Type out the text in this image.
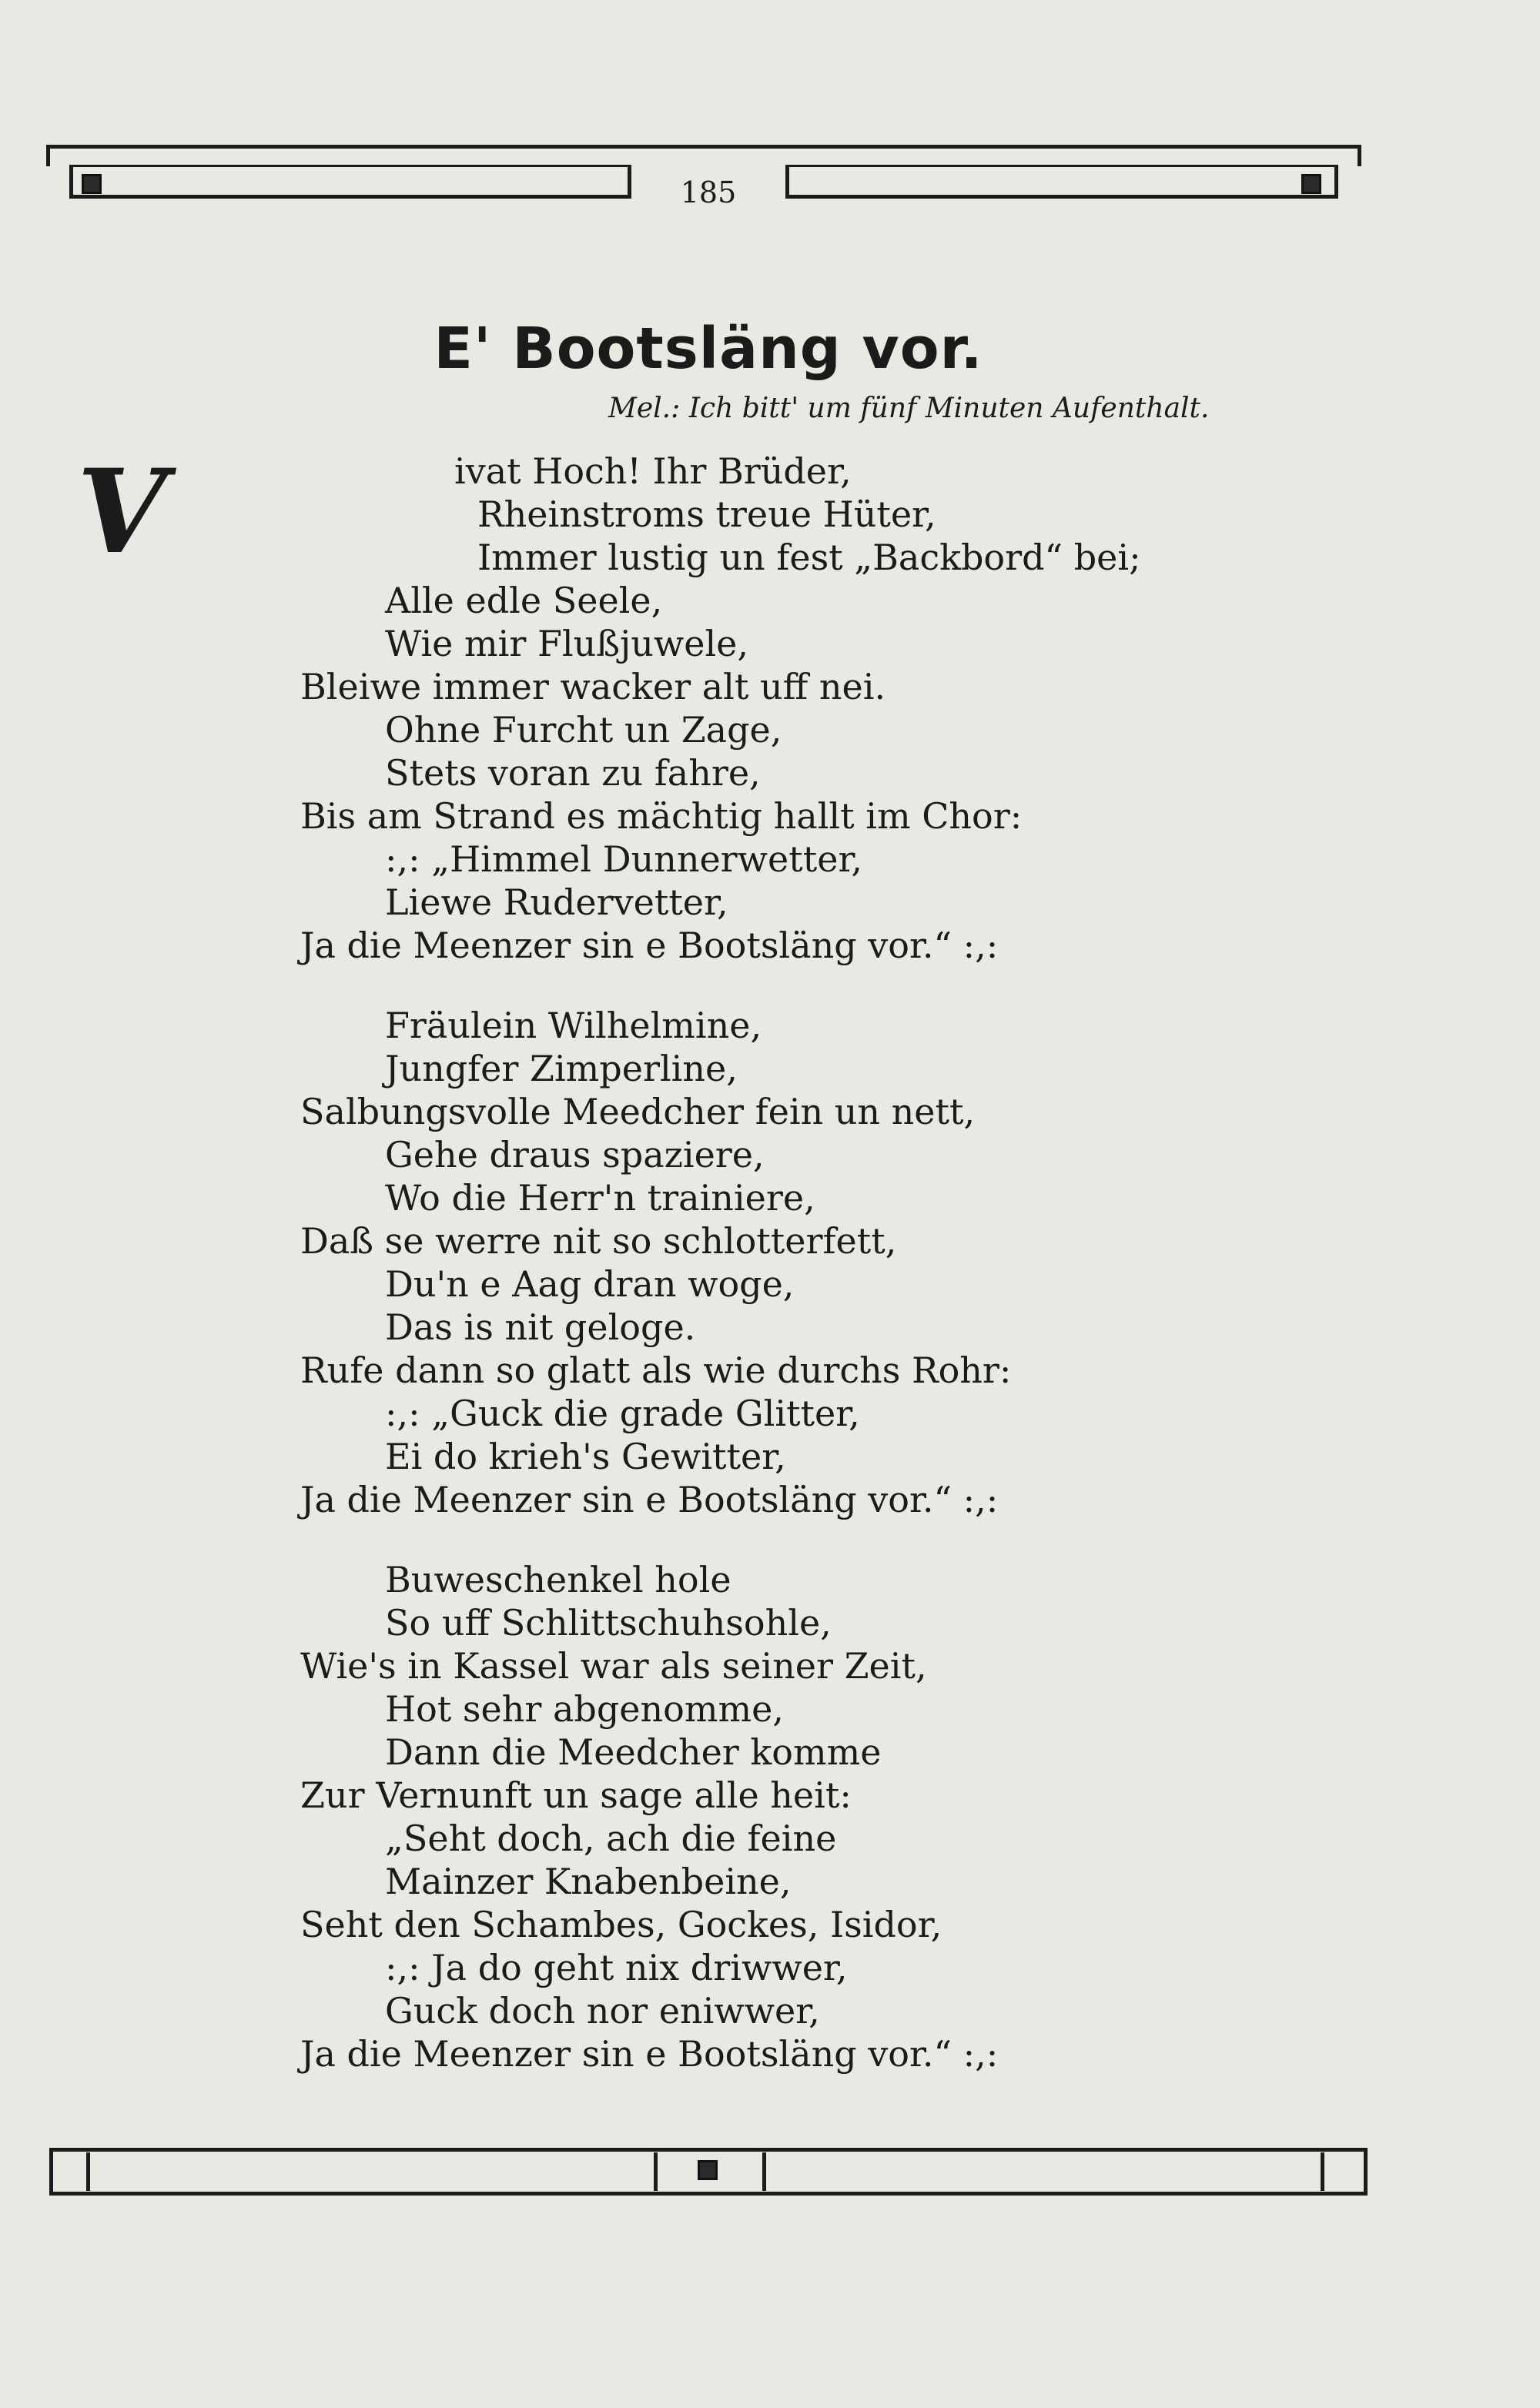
185
E' Bootsläng vor.
Mel.: Ich bitt' um fünf Minuten Aufenthalt.
V	ivat Hoch! Ihr Brüder,
Rheinstroms treue Hüter,
Immer lustig un fest „Backbord“ bei;
Alle edle Seele,
Wie mir Flußjuwele,
Bleiwe immer wacker alt uff nei.
Ohne Furcht un Zage,
Stets voran zu fahre,
Bis am Strand es mächtig hallt im Chor:
:,: „Himmel Dunnerwetter,
Liewe Rudervetter,
Ja die Meenzer sin e Bootsläng vor.“ :,:
Fräulein Wilhelmine,
Jungfer Zimperline,
Salbungsvolle Meedcher fein un nett,
Gehe draus spaziere,
Wo die Herr'n trainiere,
Daß se werre nit so schlotterfett,
Du'n e Aag dran woge,
Das is nit geloge.
Rufe dann so glatt als wie durchs Rohr:
:,: „Guck die grade Glitter,
Ei do krieh's Gewitter,
Ja die Meenzer sin e Bootsläng vor.“ :,:
Buweschenkel hole
So uff Schlittschuhsohle,
Wie's in Kassel war als seiner Zeit,
Hot sehr abgenomme,
Dann die Meedcher komme
Zur Vernunft un sage alle heit:
„Seht doch, ach die feine
Mainzer Knabenbeine,
Seht den Schambes, Gockes, Isidor,
:,: Ja do geht nix driwwer,
Guck doch nor eniwwer,
Ja die Meenzer sin e Bootsläng vor.“ :,:
